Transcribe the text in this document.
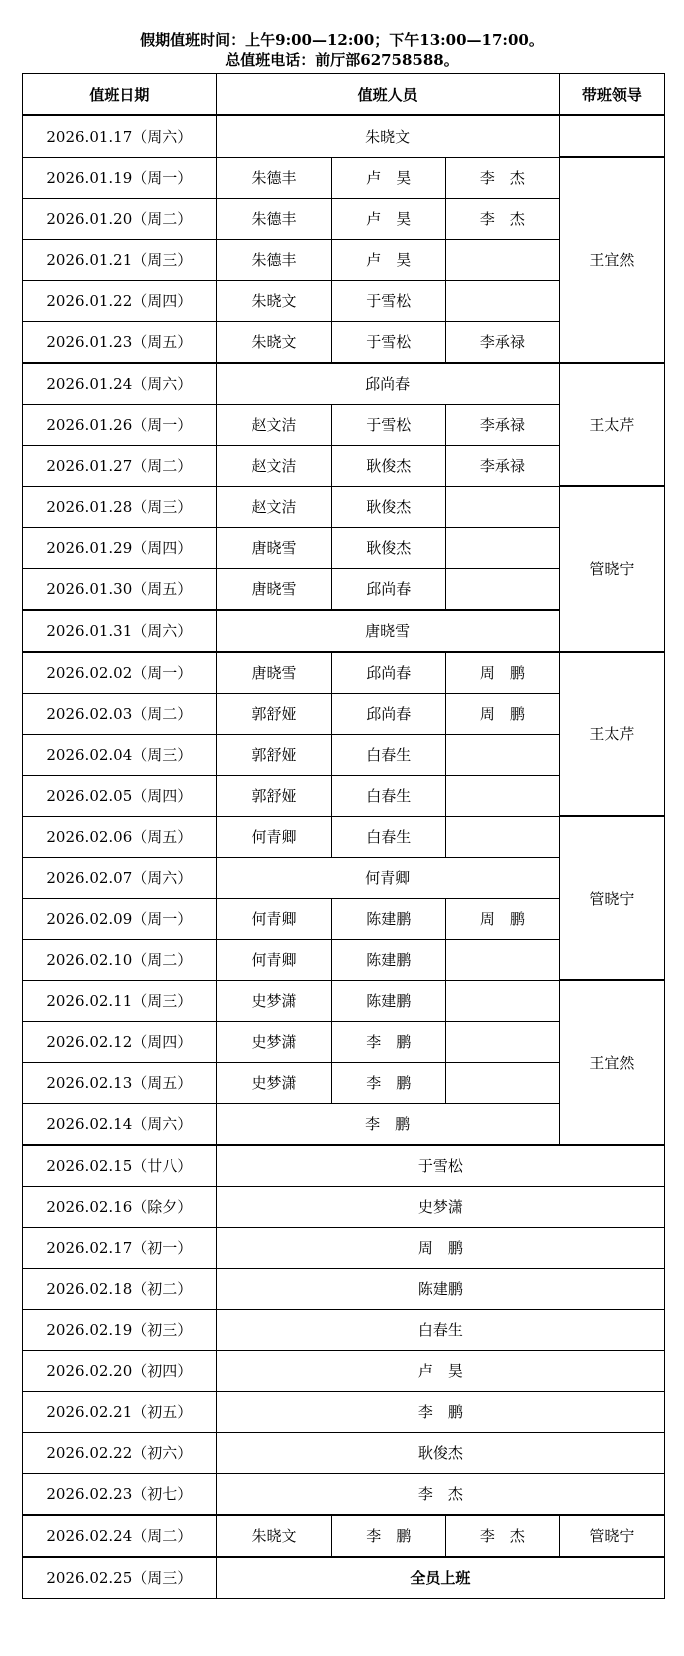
假期值班时间：上午9:00—12:00；下午13:00—17:00。
总值班电话：前厅部62758588。
值班日期	值班人员			带班领导
2026.01.17（周六）	朱晓文			
2026.01.19（周一）	朱德丰	卢　昊	李　杰	王宜然
2026.01.20（周二）	朱德丰	卢　昊	李　杰	
2026.01.21（周三）	朱德丰	卢　昊		
2026.01.22（周四）	朱晓文	于雪松		
2026.01.23（周五）	朱晓文	于雪松	李承禄	
2026.01.24（周六）	邱尚春			王太芹
2026.01.26（周一）	赵文洁	于雪松	李承禄	
2026.01.27（周二）	赵文洁	耿俊杰	李承禄	
2026.01.28（周三）	赵文洁	耿俊杰		管晓宁
2026.01.29（周四）	唐晓雪	耿俊杰		
2026.01.30（周五）	唐晓雪	邱尚春		
2026.01.31（周六）	唐晓雪			
2026.02.02（周一）	唐晓雪	邱尚春	周　鹏	王太芹
2026.02.03（周二）	郭舒娅	邱尚春	周　鹏	
2026.02.04（周三）	郭舒娅	白春生		
2026.02.05（周四）	郭舒娅	白春生		
2026.02.06（周五）	何青卿	白春生		管晓宁
2026.02.07（周六）	何青卿			
2026.02.09（周一）	何青卿	陈建鹏	周　鹏	
2026.02.10（周二）	何青卿	陈建鹏		
2026.02.11（周三）	史梦潇	陈建鹏		王宜然
2026.02.12（周四）	史梦潇	李　鹏		
2026.02.13（周五）	史梦潇	李　鹏		
2026.02.14（周六）	李　鹏			
2026.02.15（廿八）	于雪松			
2026.02.16（除夕）	史梦潇			
2026.02.17（初一）	周　鹏			
2026.02.18（初二）	陈建鹏			
2026.02.19（初三）	白春生			
2026.02.20（初四）	卢　昊			
2026.02.21（初五）	李　鹏			
2026.02.22（初六）	耿俊杰			
2026.02.23（初七）	李　杰			
2026.02.24（周二）	朱晓文	李　鹏	李　杰	管晓宁
2026.02.25（周三）	全员上班			
